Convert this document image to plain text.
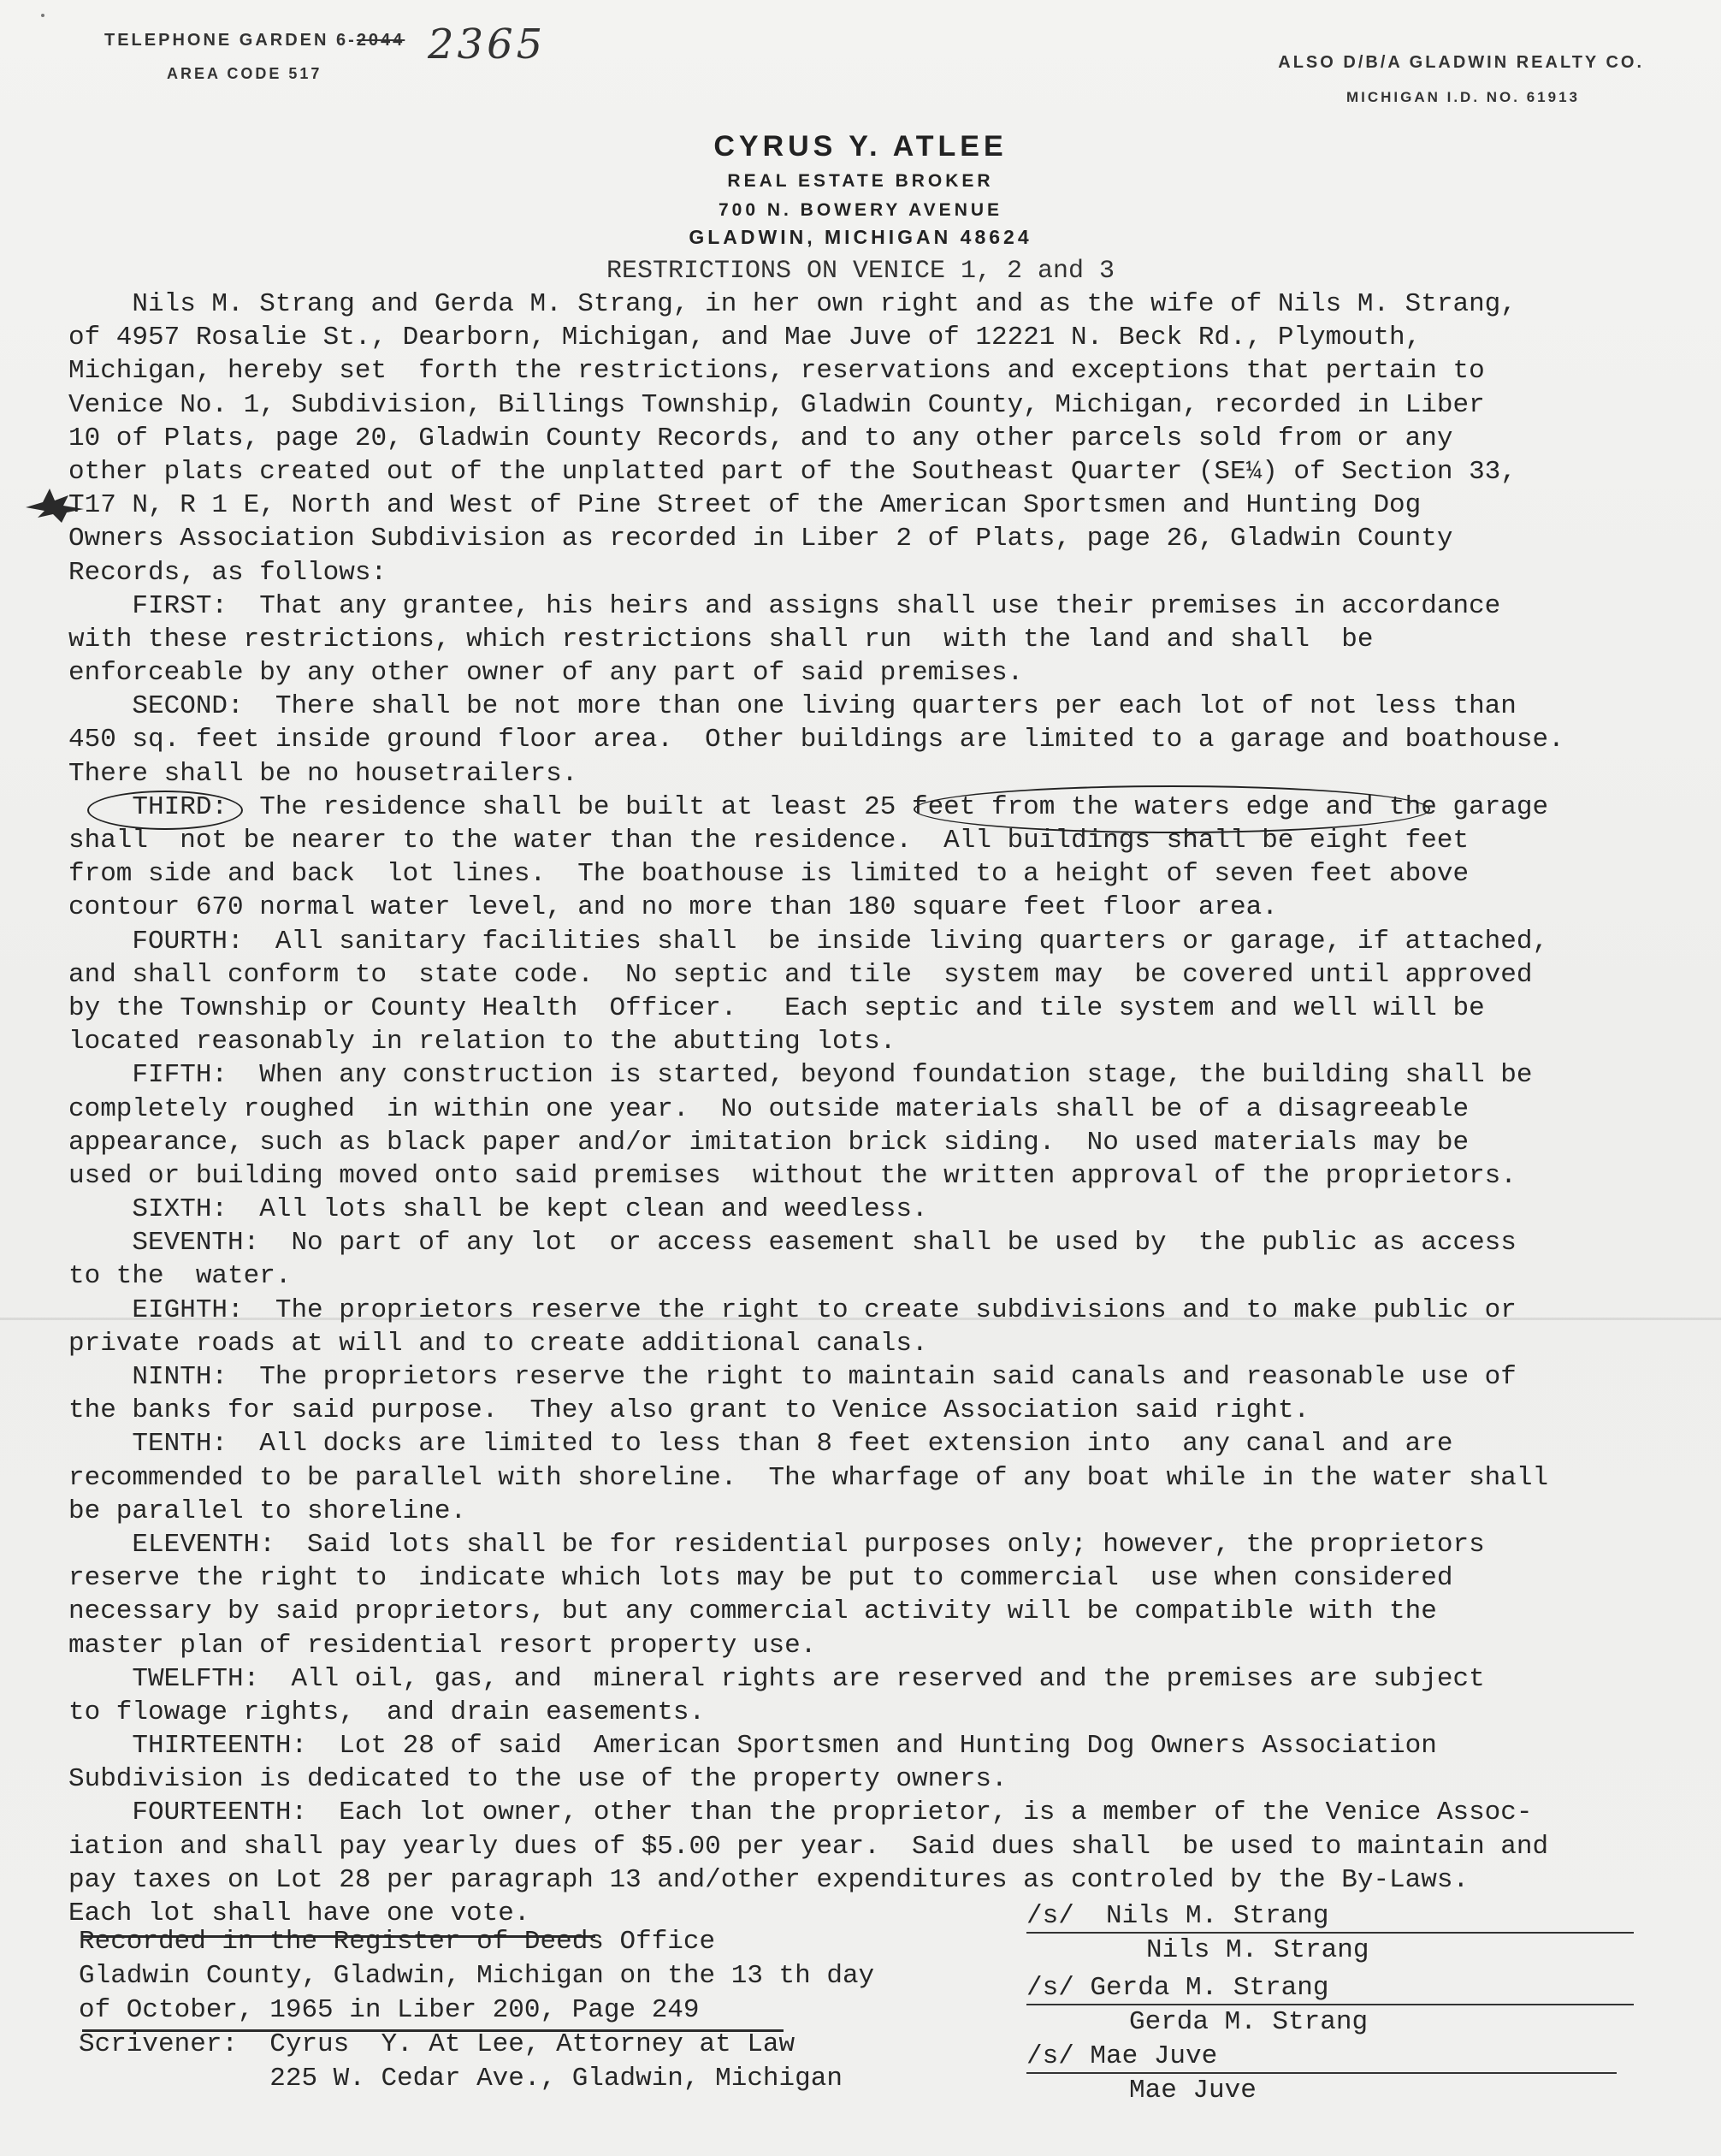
TELEPHONE GARDEN 6-2044 2365
AREA CODE 517
ALSO D/B/A GLADWIN REALTY CO.
MICHIGAN I.D. NO. 61913
CYRUS Y. ATLEE
REAL ESTATE BROKER
700 N. BOWERY AVENUE
GLADWIN, MICHIGAN 48624
RESTRICTIONS ON VENICE 1, 2 and 3
Nils M. Strang and Gerda M. Strang, in her own right and as the wife of Nils M. Strang,
of 4957 Rosalie St., Dearborn, Michigan, and Mae Juve of 12221 N. Beck Rd., Plymouth,
Michigan, hereby set  forth the restrictions, reservations and exceptions that pertain to
Venice No. 1, Subdivision, Billings Township, Gladwin County, Michigan, recorded in Liber
10 of Plats, page 20, Gladwin County Records, and to any other parcels sold from or any
other plats created out of the unplatted part of the Southeast Quarter (SE¼) of Section 33,
T17 N, R 1 E, North and West of Pine Street of the American Sportsmen and Hunting Dog
Owners Association Subdivision as recorded in Liber 2 of Plats, page 26, Gladwin County
Records, as follows:
FIRST:  That any grantee, his heirs and assigns shall use their premises in accordance
with these restrictions, which restrictions shall run  with the land and shall  be
enforceable by any other owner of any part of said premises.
SECOND:  There shall be not more than one living quarters per each lot of not less than
450 sq. feet inside ground floor area.  Other buildings are limited to a garage and boathouse.
There shall be no housetrailers.
THIRD:  The residence shall be built at least 25 feet from the waters edge and the garage
shall  not be nearer to the water than the residence.  All buildings shall be eight feet
from side and back  lot lines.  The boathouse is limited to a height of seven feet above
contour 670 normal water level, and no more than 180 square feet floor area.
FOURTH:  All sanitary facilities shall  be inside living quarters or garage, if attached,
and shall conform to  state code.  No septic and tile  system may  be covered until approved
by the Township or County Health  Officer.   Each septic and tile system and well will be
located reasonably in relation to the abutting lots.
FIFTH:  When any construction is started, beyond foundation stage, the building shall be
completely roughed  in within one year.  No outside materials shall be of a disagreeable
appearance, such as black paper and/or imitation brick siding.  No used materials may be
used or building moved onto said premises  without the written approval of the proprietors.
SIXTH:  All lots shall be kept clean and weedless.
SEVENTH:  No part of any lot  or access easement shall be used by  the public as access
to the  water.
EIGHTH:  The proprietors reserve the right to create subdivisions and to make public or
private roads at will and to create additional canals.
NINTH:  The proprietors reserve the right to maintain said canals and reasonable use of
the banks for said purpose.  They also grant to Venice Association said right.
TENTH:  All docks are limited to less than 8 feet extension into  any canal and are
recommended to be parallel with shoreline.  The wharfage of any boat while in the water shall
be parallel to shoreline.
ELEVENTH:  Said lots shall be for residential purposes only; however, the proprietors
reserve the right to  indicate which lots may be put to commercial  use when considered
necessary by said proprietors, but any commercial activity will be compatible with the
master plan of residential resort property use.
TWELFTH:  All oil, gas, and  mineral rights are reserved and the premises are subject
to flowage rights,  and drain easements.
THIRTEENTH:  Lot 28 of said  American Sportsmen and Hunting Dog Owners Association
Subdivision is dedicated to the use of the property owners.
FOURTEENTH:  Each lot owner, other than the proprietor, is a member of the Venice Assoc-
iation and shall pay yearly dues of $5.00 per year.  Said dues shall  be used to maintain and
pay taxes on Lot 28 per paragraph 13 and/other expenditures as controled by the By-Laws.
Each lot shall have one vote.
Recorded in the Register of Deeds Office
Gladwin County, Gladwin, Michigan on the 13 th day
of October, 1965 in Liber 200, Page 249
Scrivener:  Cyrus  Y. At Lee, Attorney at Law
225 W. Cedar Ave., Gladwin, Michigan
/s/  Nils M. Strang
Nils M. Strang
/s/ Gerda M. Strang
Gerda M. Strang
/s/ Mae Juve
Mae Juve
